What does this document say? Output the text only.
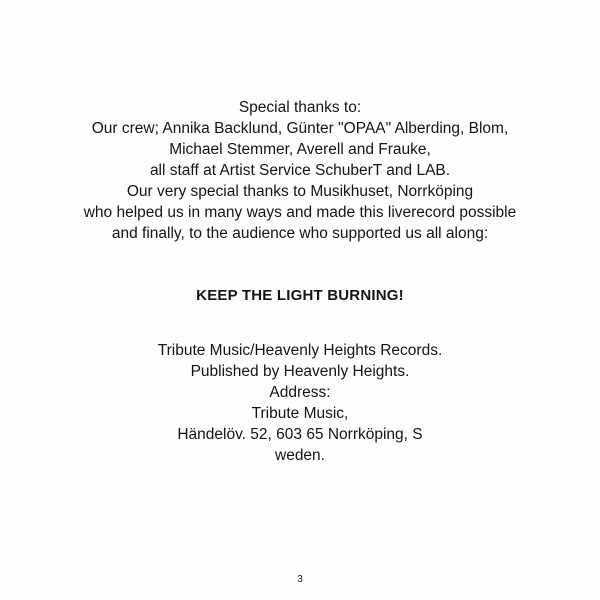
Special thanks to:
Our crew; Annika Backlund, Günter "OPAA" Alberding, Blom,
Michael Stemmer, Averell and Frauke,
all staff at Artist Service SchuberT and LAB.
Our very special thanks to Musikhuset, Norrköping
who helped us in many ways and made this liverecord possible
and finally, to the audience who supported us all along:
KEEP THE LIGHT BURNING!
Tribute Music/Heavenly Heights Records.
Published by Heavenly Heights.
Address:
Tribute Music,
Händelöv. 52, 603 65 Norrköping, S
weden.
3
